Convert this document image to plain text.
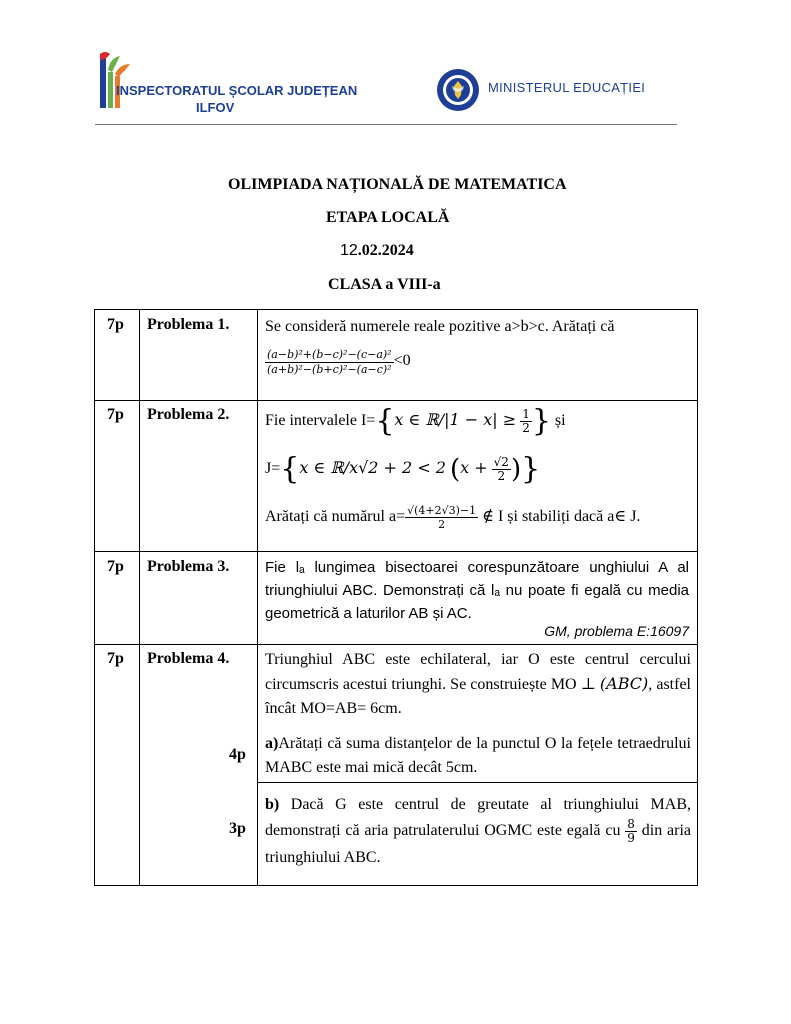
INSPECTORATUL ȘCOLAR JUDEȚEAN
ILFOV
MINISTERUL EDUCAȚIEI
OLIMPIADA NAȚIONALĂ DE MATEMATICA
ETAPA LOCALĂ
12.02.2024
CLASA a VIII-a
7p Problema 1. Se consideră numerele reale pozitive a>b>c. Arătați că
$\frac{\text{(a−b)²+(b−c)²−(c−a)²}}{\text{(a+b)²−(b+c)²−(a−c)²}} <0$
7p Problema 2. Fie intervalele I={x ∈ ℝ/|1 − $x| \ge \frac{1}{2}$ } și
J={x ∈ ℝ/x√2 + 2 < 2 ($x + \frac{√2}{2}$ )}
Arătați că numărul $a= \frac{√(4+2√3)-1}{2}$ ∉ I și stabiliți dacă a∈ J.
7p Problema 3. Fie lₐ lungimea bisectoarei corespunzătoare unghiului A al triunghiului ABC. Demonstrați că lₐ nu poate fi egală cu media geometrică a laturilor AB și AC.
GM, problema E:16097
7p Problema 4. Triunghiul ABC este echilateral, iar O este centrul cercului circumscris acestui triunghi. Se construiește MO ⊥ (ABC), astfel încât MO=AB= 6cm.
4p
a)Arătați că suma distanțelor de la punctul O la fețele tetraedrului MABC este mai mică decât 5cm.
3p
b) Dacă G este centrul de greutate al triunghiului MAB, demonstrați că aria patrulaterului OGMC este egală cu $\frac{8}{9}$ din aria triunghiului ABC.
